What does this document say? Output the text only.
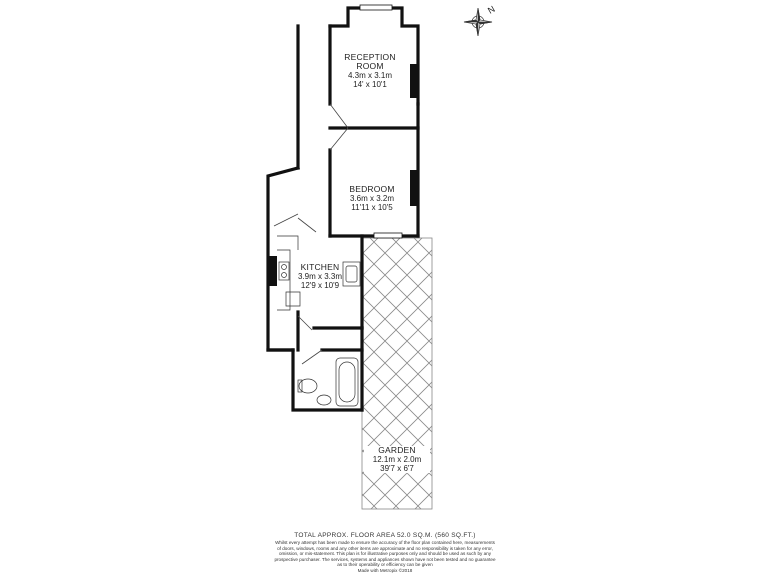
N
RECEPTION ROOM
4.3m x 3.1m
14' x 10'1
BEDROOM
3.6m x 3.2m
11'11 x 10'5
KITCHEN
3.9m x 3.3m
12'9 x 10'9
GARDEN
12.1m x 2.0m
39'7 x 6'7
TOTAL APPROX. FLOOR AREA 52.0 SQ.M. (560 SQ.FT.)
Whilst every attempt has been made to ensure the accuracy of the floor plan contained here, measurements
of doors, windows, rooms and any other items are approximate and no responsibility is taken for any error,
omission, or mis-statement. This plan is for illustrative purposes only and should be used as such by any
prospective purchaser. The services, systems and appliances shown have not been tested and no guarantee
as to their operability or efficiency can be given
Made with Metropix ©2018
